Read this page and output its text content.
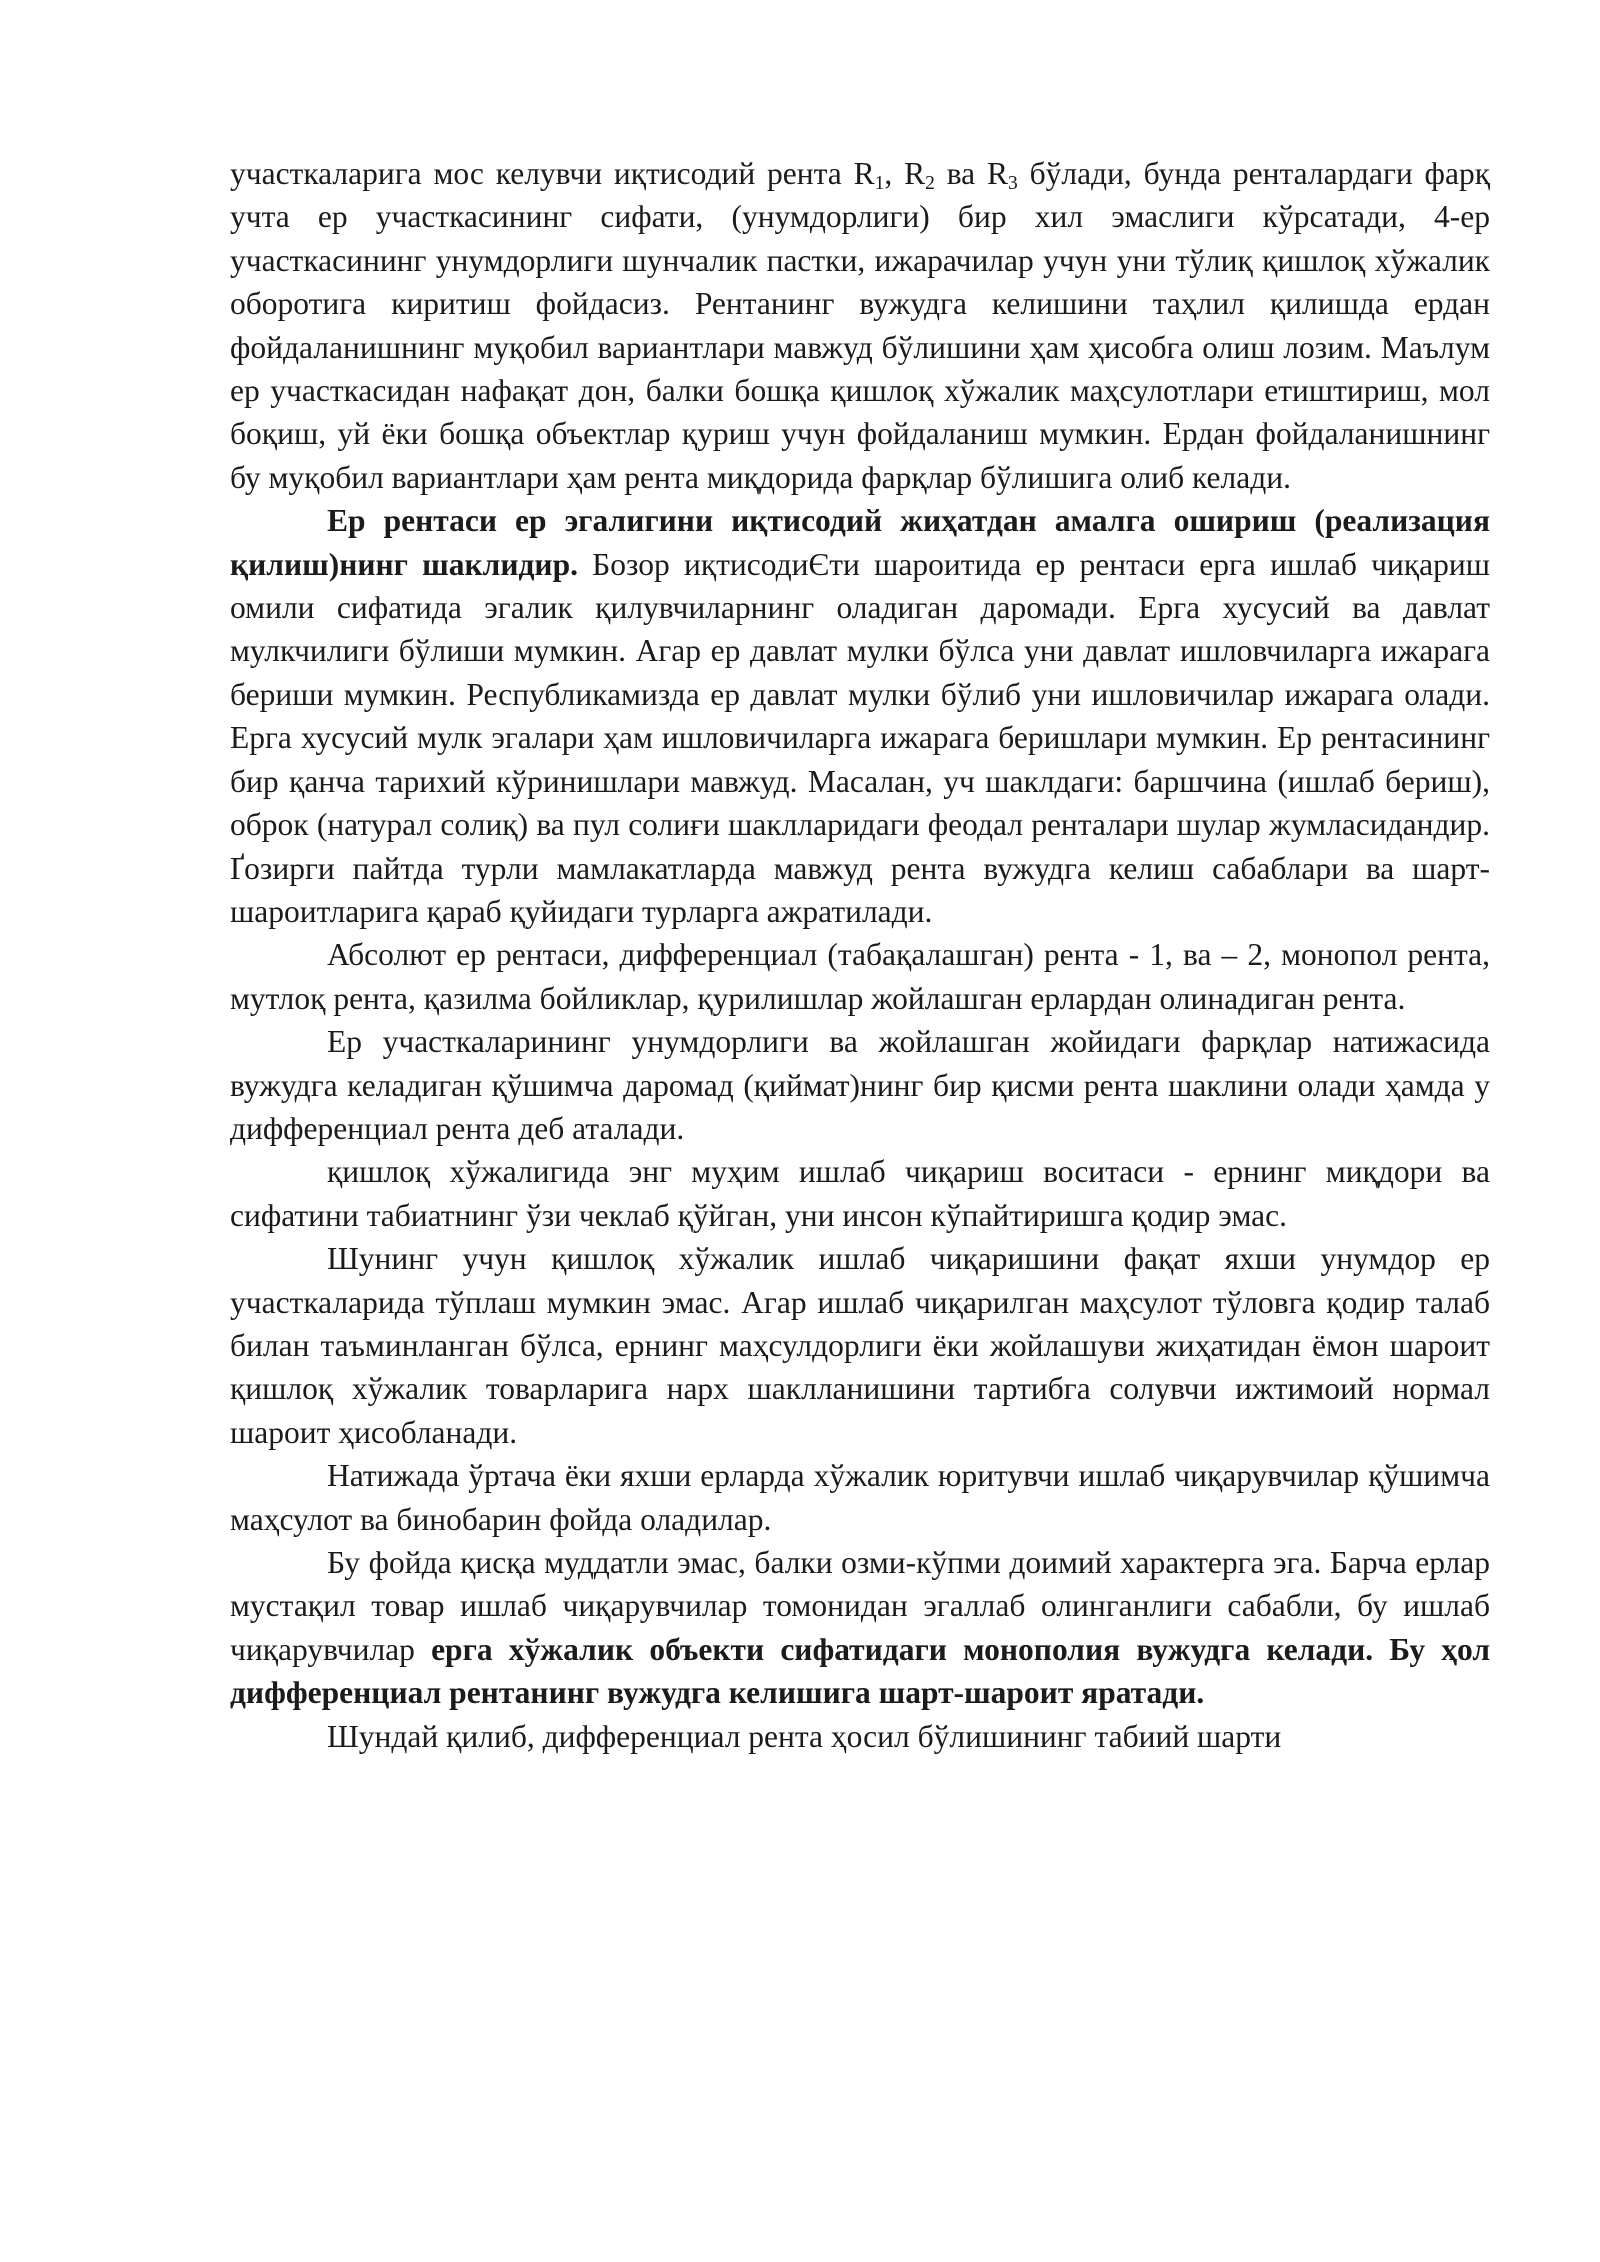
участкаларига мос келувчи иқтисодий рента $R_1$, $R_2$ ва $R_3$ бўлади, бунда ренталардаги фарқ учта ер участкасининг сифати, (унумдорлиги) бир хил эмаслиги кўрсатади, 4-ер участкасининг унумдорлиги шунчалик пастки, ижарачилар учун уни тўлиқ қишлоқ хўжалик оборотига киритиш фойдасиз. Рентанинг вужудга келишини таҳлил қилишда ердан фойдаланишнинг муқобил вариантлари мавжуд бўлишини ҳам ҳисобга олиш лозим. Маълум ер участкасидан нафақат дон, балки бошқа қишлоқ хўжалик маҳсулотлари етиштириш, мол боқиш, уй ёки бошқа объектлар қуриш учун фойдаланиш мумкин. Ердан фойдаланишнинг бу муқобил вариантлари ҳам рента миқдорида фарқлар бўлишига олиб келади.

Ер рентаси ер эгалигини иқтисодий жиҳатдан амалга ошириш (реализация қилиш)нинг шаклидир. Бозор иқтисодиЄти шароитида ер рентаси ерга ишлаб чиқариш омили сифатида эгалик қилувчиларнинг оладиган даромади. Ерга хусусий ва давлат мулкчилиги бўлиши мумкин. Агар ер давлат мулки бўлса уни давлат ишловчиларга ижарага бериши мумкин. Республикамизда ер давлат мулки бўлиб уни ишловичилар ижарага олади. Ерга хусусий мулк эгалари ҳам ишловичиларга ижарага беришлари мумкин. Ер рентасининг бир қанча тарихий кўринишлари мавжуд. Масалан, уч шаклдаги: баршчина (ишлаб бериш), оброк (натурал солиқ) ва пул солиғи шаклларидаги феодал ренталари шулар жумласидандир. Ґозирги пайтда турли мамлакатларда мавжуд рента вужудга келиш сабаблари ва шарт-шароитларига қараб қуйидаги турларга ажратилади.

Абсолют ер рентаси, дифференциал (табақалашган) рента - 1, ва – 2, монопол рента, мутлоқ рента, қазилма бойликлар, қурилишлар жойлашган ерлардан олинадиган рента.

Ер участкаларининг унумдорлиги ва жойлашган жойидаги фарқлар натижасида вужудга келадиган қўшимча даромад (қиймат)нинг бир қисми рента шаклини олади ҳамда у дифференциал рента деб аталади.

қишлоқ хўжалигида энг муҳим ишлаб чиқариш воситаси - ернинг миқдори ва сифатини табиатнинг ўзи чеклаб қўйган, уни инсон кўпайтиришга қодир эмас.

Шунинг учун қишлоқ хўжалик ишлаб чиқаришини фақат яхши унумдор ер участкаларида тўплаш мумкин эмас. Агар ишлаб чиқарилган маҳсулот тўловга қодир талаб билан таъминланган бўлса, ернинг маҳсулдорлиги ёки жойлашуви жиҳатидан ёмон шароит қишлоқ хўжалик товарларига нарх шаклланишини тартибга солувчи ижтимоий нормал шароит ҳисобланади.

Натижада ўртача ёки яхши ерларда хўжалик юритувчи ишлаб чиқарувчилар қўшимча маҳсулот ва бинобарин фойда оладилар.

Бу фойда қисқа муддатли эмас, балки озми-кўпми доимий характерга эга. Барча ерлар мустақил товар ишлаб чиқарувчилар томонидан эгаллаб олинганлиги сабабли, бу ишлаб чиқарувчилар ерга хўжалик объекти сифатидаги монополия вужудга келади. Бу ҳол дифференциал рентанинг вужудга келишига шарт-шароит яратади.

Шундай қилиб, дифференциал рента ҳосил бўлишининг табиий шарти
